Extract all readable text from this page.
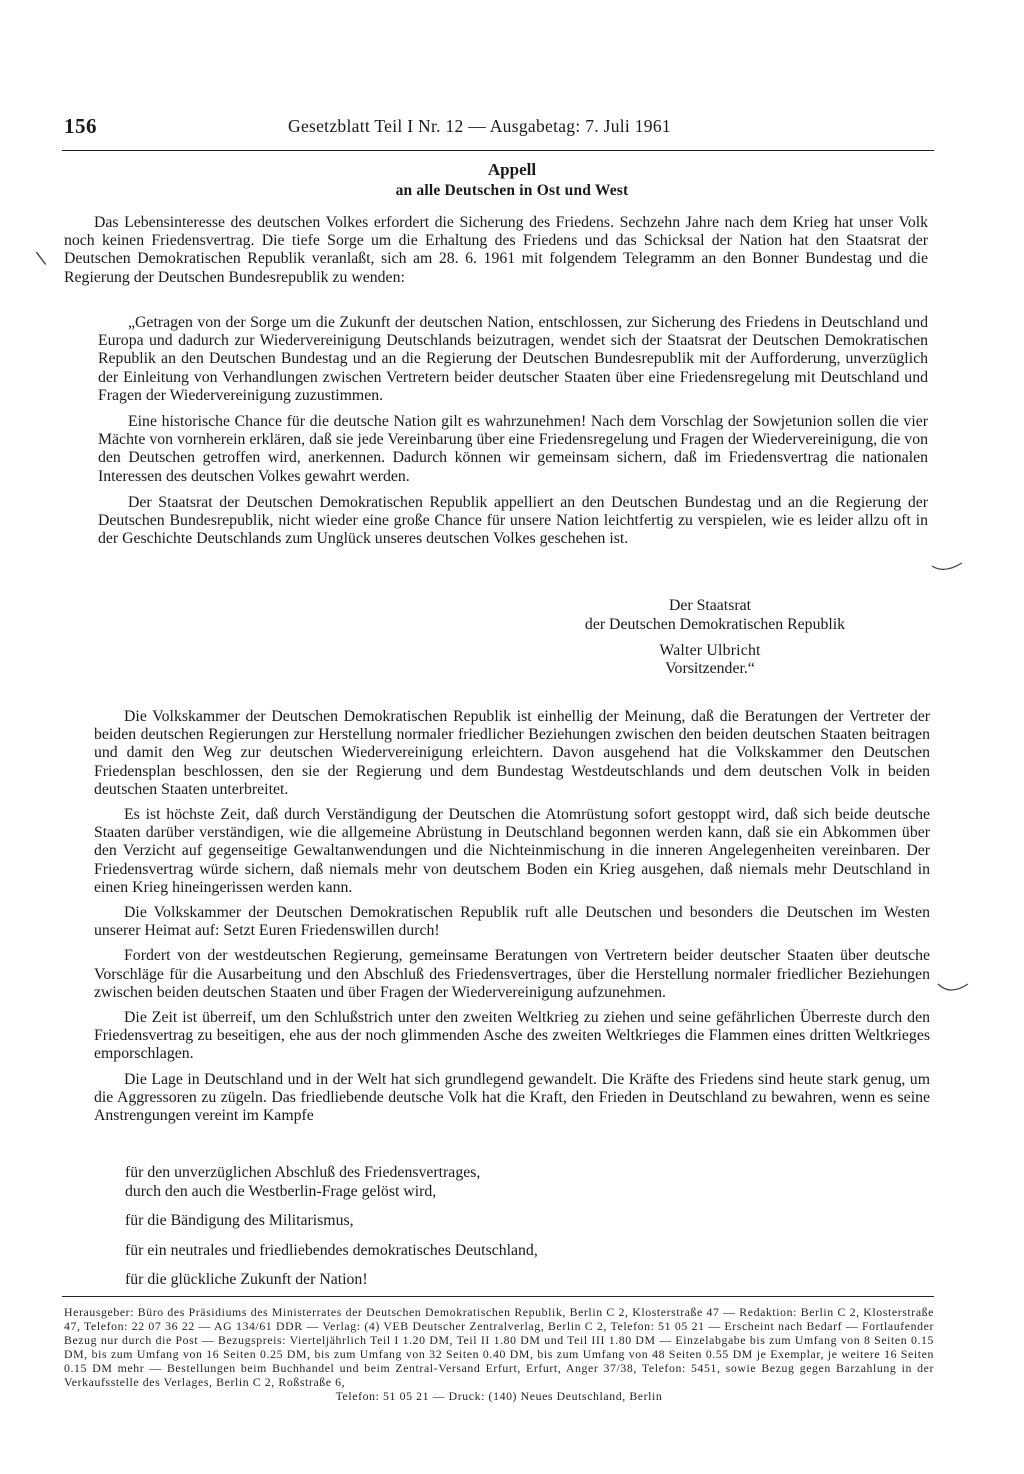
156	Gesetzblatt Teil I Nr. 12 — Ausgabetag: 7. Juli 1961
Appell
an alle Deutschen in Ost und West
\

Das Lebensinteresse des deutschen Volkes erfordert die Sicherung des Friedens. Sechzehn Jahre nach dem Krieg hat unser Volk noch keinen Friedensvertrag. Die tiefe Sorge um die Erhaltung des Friedens und das Schicksal der Nation hat den Staatsrat der Deutschen Demokratischen Republik veranlaßt, sich am 28. 6. 1961 mit folgendem Telegramm an den Bonner Bundestag und die Regierung der Deutschen Bundesrepublik zu wenden:

„Getragen von der Sorge um die Zukunft der deutschen Nation, entschlossen, zur Sicherung des Friedens in Deutschland und Europa und dadurch zur Wiedervereinigung Deutschlands beizutragen, wendet sich der Staatsrat der Deutschen Demokratischen Republik an den Deutschen Bundestag und an die Regierung der Deutschen Bundesrepublik mit der Aufforderung, unverzüglich der Einleitung von Verhandlungen zwischen Vertretern beider deutscher Staaten über eine Friedensregelung mit Deutschland und Fragen der Wiedervereinigung zuzustimmen.

Eine historische Chance für die deutsche Nation gilt es wahrzunehmen! Nach dem Vorschlag der Sowjetunion sollen die vier Mächte von vornherein erklären, daß sie jede Vereinbarung über eine Friedensregelung und Fragen der Wiedervereinigung, die von den Deutschen getroffen wird, anerkennen. Dadurch können wir gemeinsam sichern, daß im Friedensvertrag die nationalen Interessen des deutschen Volkes gewahrt werden.

Der Staatsrat der Deutschen Demokratischen Republik appelliert an den Deutschen Bundestag und an die Regierung der Deutschen Bundesrepublik, nicht wieder eine große Chance für unsere Nation leichtfertig zu verspielen, wie es leider allzu oft in der Geschichte Deutschlands zum Unglück unseres deutschen Volkes geschehen ist.

Der Staatsrat
der Deutschen Demokratischen Republik
Walter Ulbricht
Vorsitzender.“

Die Volkskammer der Deutschen Demokratischen Republik ist einhellig der Meinung, daß die Beratungen der Vertreter der beiden deutschen Regierungen zur Herstellung normaler friedlicher Beziehungen zwischen den beiden deutschen Staaten beitragen und damit den Weg zur deutschen Wiedervereinigung erleichtern. Davon ausgehend hat die Volkskammer den Deutschen Friedensplan beschlossen, den sie der Regierung und dem Bundestag Westdeutschlands und dem deutschen Volk in beiden deutschen Staaten unterbreitet.

Es ist höchste Zeit, daß durch Verständigung der Deutschen die Atomrüstung sofort gestoppt wird, daß sich beide deutsche Staaten darüber verständigen, wie die allgemeine Abrüstung in Deutschland begonnen werden kann, daß sie ein Abkommen über den Verzicht auf gegenseitige Gewaltanwendungen und die Nichteinmischung in die inneren Angelegenheiten vereinbaren. Der Friedensvertrag würde sichern, daß niemals mehr von deutschem Boden ein Krieg ausgehen, daß niemals mehr Deutschland in einen Krieg hineingerissen werden kann.

Die Volkskammer der Deutschen Demokratischen Republik ruft alle Deutschen und besonders die Deutschen im Westen unserer Heimat auf: Setzt Euren Friedenswillen durch!

Fordert von der westdeutschen Regierung, gemeinsame Beratungen von Vertretern beider deutscher Staaten über deutsche Vorschläge für die Ausarbeitung und den Abschluß des Friedensvertrages, über die Herstellung normaler friedlicher Beziehungen zwischen beiden deutschen Staaten und über Fragen der Wiedervereinigung aufzunehmen.

Die Zeit ist überreif, um den Schlußstrich unter den zweiten Weltkrieg zu ziehen und seine gefährlichen Überreste durch den Friedensvertrag zu beseitigen, ehe aus der noch glimmenden Asche des zweiten Weltkrieges die Flammen eines dritten Weltkrieges emporschlagen.

Die Lage in Deutschland und in der Welt hat sich grundlegend gewandelt. Die Kräfte des Friedens sind heute stark genug, um die Aggressoren zu zügeln. Das friedliebende deutsche Volk hat die Kraft, den Frieden in Deutschland zu bewahren, wenn es seine Anstrengungen vereint im Kampfe

für den unverzüglichen Abschluß des Friedensvertrages,
durch den auch die Westberlin-Frage gelöst wird,
für die Bändigung des Militarismus,
für ein neutrales und friedliebendes demokratisches Deutschland,
für die glückliche Zukunft der Nation!
Herausgeber: Büro des Präsidiums des Ministerrates der Deutschen Demokratischen Republik, Berlin C 2, Klosterstraße 47 — Redaktion: Berlin C 2, Klosterstraße 47, Telefon: 22 07 36 22 — AG 134/61 DDR — Verlag: (4) VEB Deutscher Zentralverlag, Berlin C 2, Telefon: 51 05 21 — Erscheint nach Bedarf — Fortlaufender Bezug nur durch die Post — Bezugspreis: Vierteljährlich Teil I 1.20 DM, Teil II 1.80 DM und Teil III 1.80 DM — Einzelabgabe bis zum Umfang von 8 Seiten 0.15 DM, bis zum Umfang von 16 Seiten 0.25 DM, bis zum Umfang von 32 Seiten 0.40 DM, bis zum Umfang von 48 Seiten 0.55 DM je Exemplar, je weitere 16 Seiten 0.15 DM mehr — Bestellungen beim Buchhandel und beim Zentral-Versand Erfurt, Erfurt, Anger 37/38, Telefon: 5451, sowie Bezug gegen Barzahlung in der Verkaufsstelle des Verlages, Berlin C 2, Roßstraße 6,
Telefon: 51 05 21 — Druck: (140) Neues Deutschland, Berlin
